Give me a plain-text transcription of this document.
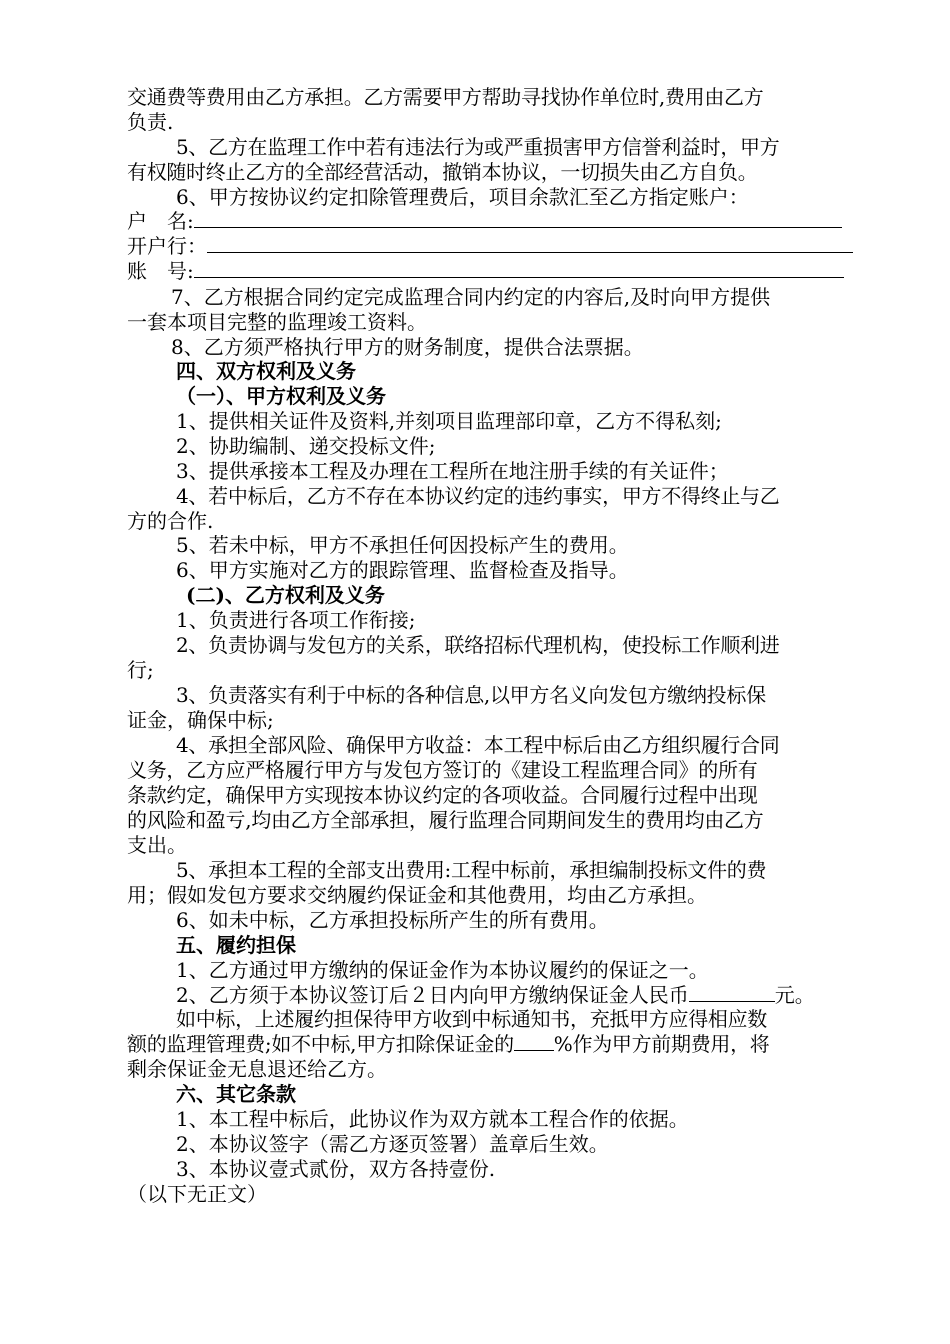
交通费等费用由乙方承担。乙方需要甲方帮助寻找协作单位时,费用由乙方
负责.
5、乙方在监理工作中若有违法行为或严重损害甲方信誉利益时，甲方
有权随时终止乙方的全部经营活动，撤销本协议，一切损失由乙方自负。
6、甲方按协议约定扣除管理费后，项目余款汇至乙方指定账户：
户　名:
开户行：
账　号:
7、乙方根据合同约定完成监理合同内约定的内容后,及时向甲方提供
一套本项目完整的监理竣工资料。
8、乙方须严格执行甲方的财务制度，提供合法票据。
四、双方权利及义务
（一）、甲方权利及义务
1、提供相关证件及资料,并刻项目监理部印章，乙方不得私刻;
2、协助编制、递交投标文件;
3、提供承接本工程及办理在工程所在地注册手续的有关证件；
4、若中标后，乙方不存在本协议约定的违约事实，甲方不得终止与乙
方的合作.
5、若未中标，甲方不承担任何因投标产生的费用。
6、甲方实施对乙方的跟踪管理、监督检查及指导。
(二)、乙方权利及义务
1、负责进行各项工作衔接;
2、负责协调与发包方的关系，联络招标代理机构，使投标工作顺利进
行;
3、负责落实有利于中标的各种信息,以甲方名义向发包方缴纳投标保
证金，确保中标;
4、承担全部风险、确保甲方收益：本工程中标后由乙方组织履行合同
义务，乙方应严格履行甲方与发包方签订的《建设工程监理合同》的所有
条款约定，确保甲方实现按本协议约定的各项收益。合同履行过程中出现
的风险和盈亏,均由乙方全部承担，履行监理合同期间发生的费用均由乙方
支出。
5、承担本工程的全部支出费用:工程中标前，承担编制投标文件的费
用；假如发包方要求交纳履约保证金和其他费用，均由乙方承担。
6、如未中标，乙方承担投标所产生的所有费用。
五、履约担保
1、乙方通过甲方缴纳的保证金作为本协议履约的保证之一。
2、乙方须于本协议签订后２日内向甲方缴纳保证金人民币	元。
如中标，上述履约担保待甲方收到中标通知书，充抵甲方应得相应数
额的监理管理费;如不中标,甲方扣除保证金的 %作为甲方前期费用，将
剩余保证金无息退还给乙方。
六、其它条款
1、本工程中标后，此协议作为双方就本工程合作的依据。
2、本协议签字（需乙方逐页签署）盖章后生效。
3、本协议壹式贰份，双方各持壹份.
（以下无正文）
